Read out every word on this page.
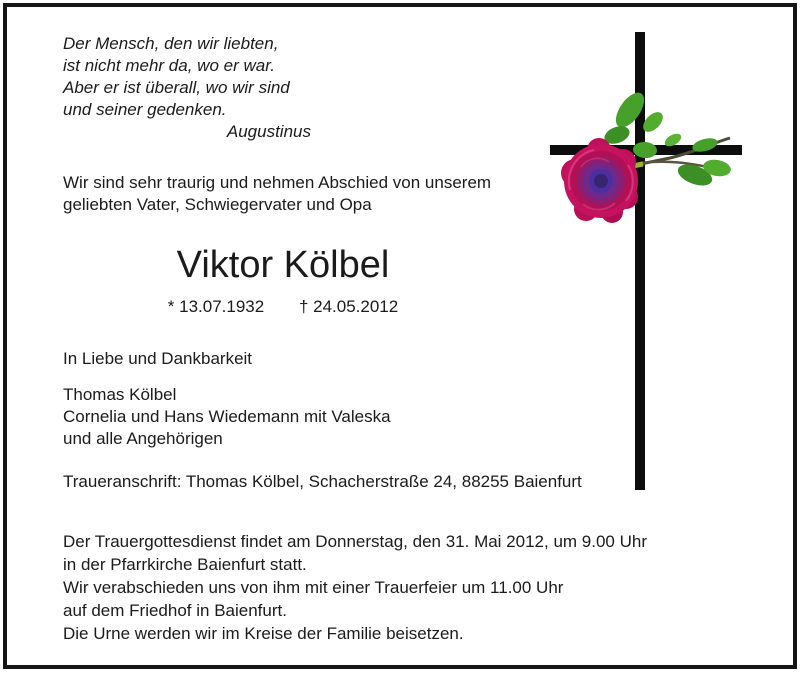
Der Mensch, den wir liebten,
ist nicht mehr da, wo er war.
Aber er ist überall, wo wir sind
und seiner gedenken.
Augustinus
Wir sind sehr traurig und nehmen Abschied von unserem
geliebten Vater, Schwiegervater und Opa
Viktor Kölbel
* 13.07.1932 † 24.05.2012
In Liebe und Dankbarkeit
Thomas Kölbel
Cornelia und Hans Wiedemann mit Valeska
und alle Angehörigen
Traueranschrift: Thomas Kölbel, Schacherstraße 24, 88255 Baienfurt
Der Trauergottesdienst findet am Donnerstag, den 31. Mai 2012, um 9.00 Uhr
in der Pfarrkirche Baienfurt statt.
Wir verabschieden uns von ihm mit einer Trauerfeier um 11.00 Uhr
auf dem Friedhof in Baienfurt.
Die Urne werden wir im Kreise der Familie beisetzen.
